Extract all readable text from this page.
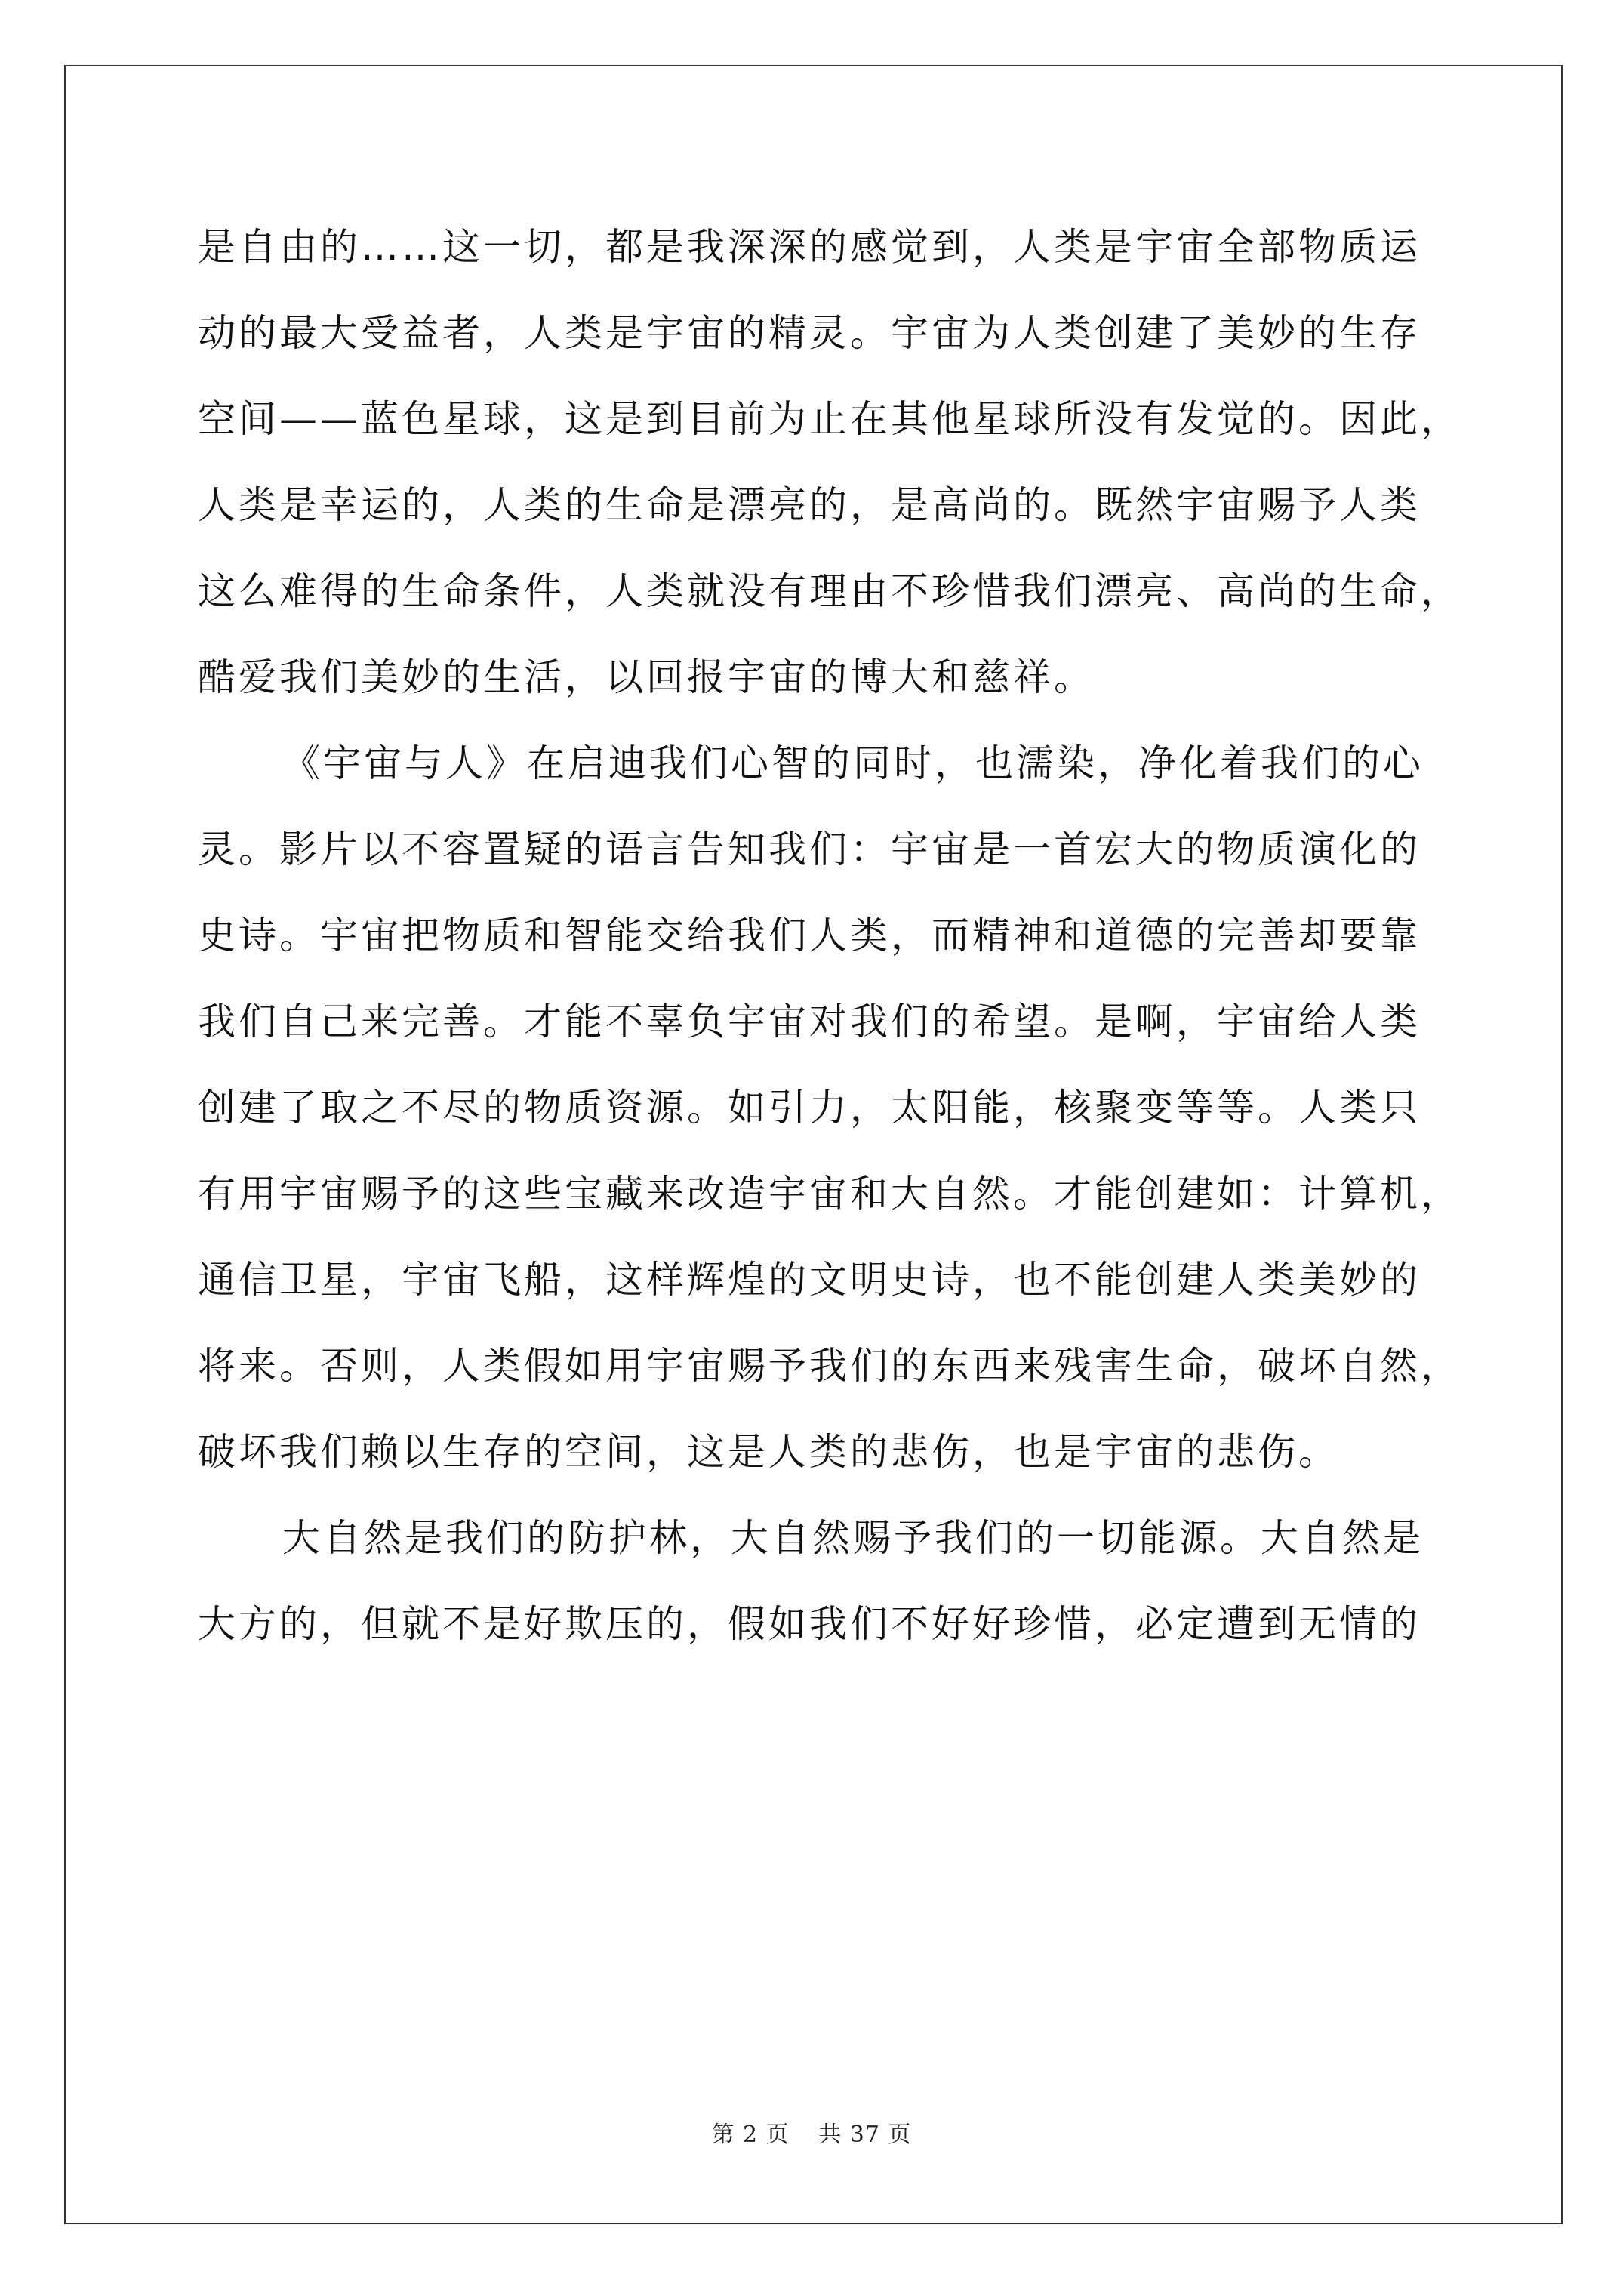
是自由的……这一切，都是我深深的感觉到，人类是宇宙全部物质运
动的最大受益者，人类是宇宙的精灵。宇宙为人类创建了美妙的生存
空间——蓝色星球，这是到目前为止在其他星球所没有发觉的。因此，
人类是幸运的，人类的生命是漂亮的，是高尚的。既然宇宙赐予人类
这么难得的生命条件，人类就没有理由不珍惜我们漂亮、高尚的生命，
酷爱我们美妙的生活，以回报宇宙的博大和慈祥。

《宇宙与人》在启迪我们心智的同时，也濡染，净化着我们的心
灵。影片以不容置疑的语言告知我们：宇宙是一首宏大的物质演化的
史诗。宇宙把物质和智能交给我们人类，而精神和道德的完善却要靠
我们自己来完善。才能不辜负宇宙对我们的希望。是啊，宇宙给人类
创建了取之不尽的物质资源。如引力，太阳能，核聚变等等。人类只
有用宇宙赐予的这些宝藏来改造宇宙和大自然。才能创建如：计算机，
通信卫星，宇宙飞船，这样辉煌的文明史诗，也不能创建人类美妙的
将来。否则，人类假如用宇宙赐予我们的东西来残害生命，破坏自然，
破坏我们赖以生存的空间，这是人类的悲伤，也是宇宙的悲伤。

大自然是我们的防护林，大自然赐予我们的一切能源。大自然是
大方的，但就不是好欺压的，假如我们不好好珍惜，必定遭到无情的

第 2 页 共 37 页
